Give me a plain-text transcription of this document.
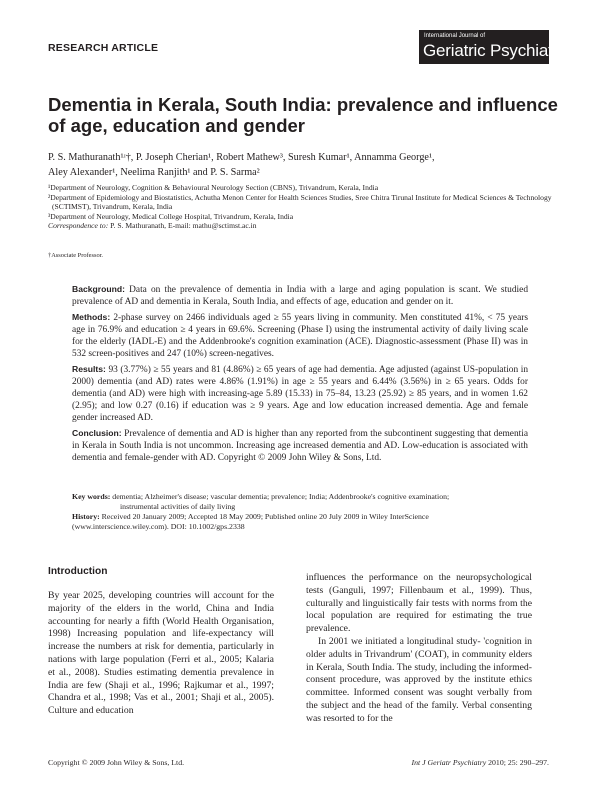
RESEARCH ARTICLE
International Journal of
Geriatric Psychiatry
Dementia in Kerala, South India: prevalence and influence of age, education and gender
P. S. Mathuranath¹ʴ†, P. Joseph Cherian¹, Robert Mathew³, Suresh Kumar¹, Annamma George¹,
Aley Alexander¹, Neelima Ranjith¹ and P. S. Sarma²
¹Department of Neurology, Cognition & Behavioural Neurology Section (CBNS), Trivandrum, Kerala, India
²Department of Epidemiology and Biostatistics, Achutha Menon Center for Health Sciences Studies, Sree Chitra Tirunal Institute for Medical Sciences & Technology (SCTIMST), Trivandrum, Kerala, India
³Department of Neurology, Medical College Hospital, Trivandrum, Kerala, India
Correspondence to: P. S. Mathuranath, E-mail: mathu@sctimst.ac.in
†Associate Professor.

Background: Data on the prevalence of dementia in India with a large and aging population is scant. We studied prevalence of AD and dementia in Kerala, South India, and effects of age, education and gender on it.

Methods: 2-phase survey on 2466 individuals aged ≥ 55 years living in community. Men constituted 41%, < 75 years age in 76.9% and education ≥ 4 years in 69.6%. Screening (Phase I) using the instrumental activity of daily living scale for the elderly (IADL-E) and the Addenbrooke's cognition examination (ACE). Diagnostic-assessment (Phase II) was in 532 screen-positives and 247 (10%) screen-negatives.

Results: 93 (3.77%) ≥ 55 years and 81 (4.86%) ≥ 65 years of age had dementia. Age adjusted (against US-population in 2000) dementia (and AD) rates were 4.86% (1.91%) in age ≥ 55 years and 6.44% (3.56%) in ≥ 65 years. Odds for dementia (and AD) were high with increasing-age 5.89 (15.33) in 75–84, 13.23 (25.92) ≥ 85 years, and in women 1.62 (2.95); and low 0.27 (0.16) if education was ≥ 9 years. Age and low education increased dementia. Age and female gender increased AD.

Conclusion: Prevalence of dementia and AD is higher than any reported from the subcontinent suggesting that dementia in Kerala in South India is not uncommon. Increasing age increased dementia and AD. Low-education is associated with dementia and female-gender with AD. Copyright © 2009 John Wiley & Sons, Ltd.

Key words: dementia; Alzheimer's disease; vascular dementia; prevalence; India; Addenbrooke's cognitive examination;
instrumental activities of daily living
History: Received 20 January 2009; Accepted 18 May 2009; Published online 20 July 2009 in Wiley InterScience
(www.interscience.wiley.com). DOI: 10.1002/gps.2338
Introduction

By year 2025, developing countries will account for the majority of the elders in the world, China and India accounting for nearly a fifth (World Health Organisation, 1998) Increasing population and life-expectancy will increase the numbers at risk for dementia, particularly in nations with large population (Ferri et al., 2005; Kalaria et al., 2008). Studies estimating dementia prevalence in India are few (Shaji et al., 1996; Rajkumar et al., 1997; Chandra et al., 1998; Vas et al., 2001; Shaji et al., 2005). Culture and education

influences the performance on the neuropsychological tests (Ganguli, 1997; Fillenbaum et al., 1999). Thus, culturally and linguistically fair tests with norms from the local population are required for estimating the true prevalence.

In 2001 we initiated a longitudinal study- 'cognition in older adults in Trivandrum' (COAT), in community elders in Kerala, South India. The study, including the informed-consent procedure, was approved by the institute ethics committee. Informed consent was sought verbally from the subject and the head of the family. Verbal consenting was resorted to for the

Copyright © 2009 John Wiley & Sons, Ltd.	Int J Geriatr Psychiatry 2010; 25: 290–297.
